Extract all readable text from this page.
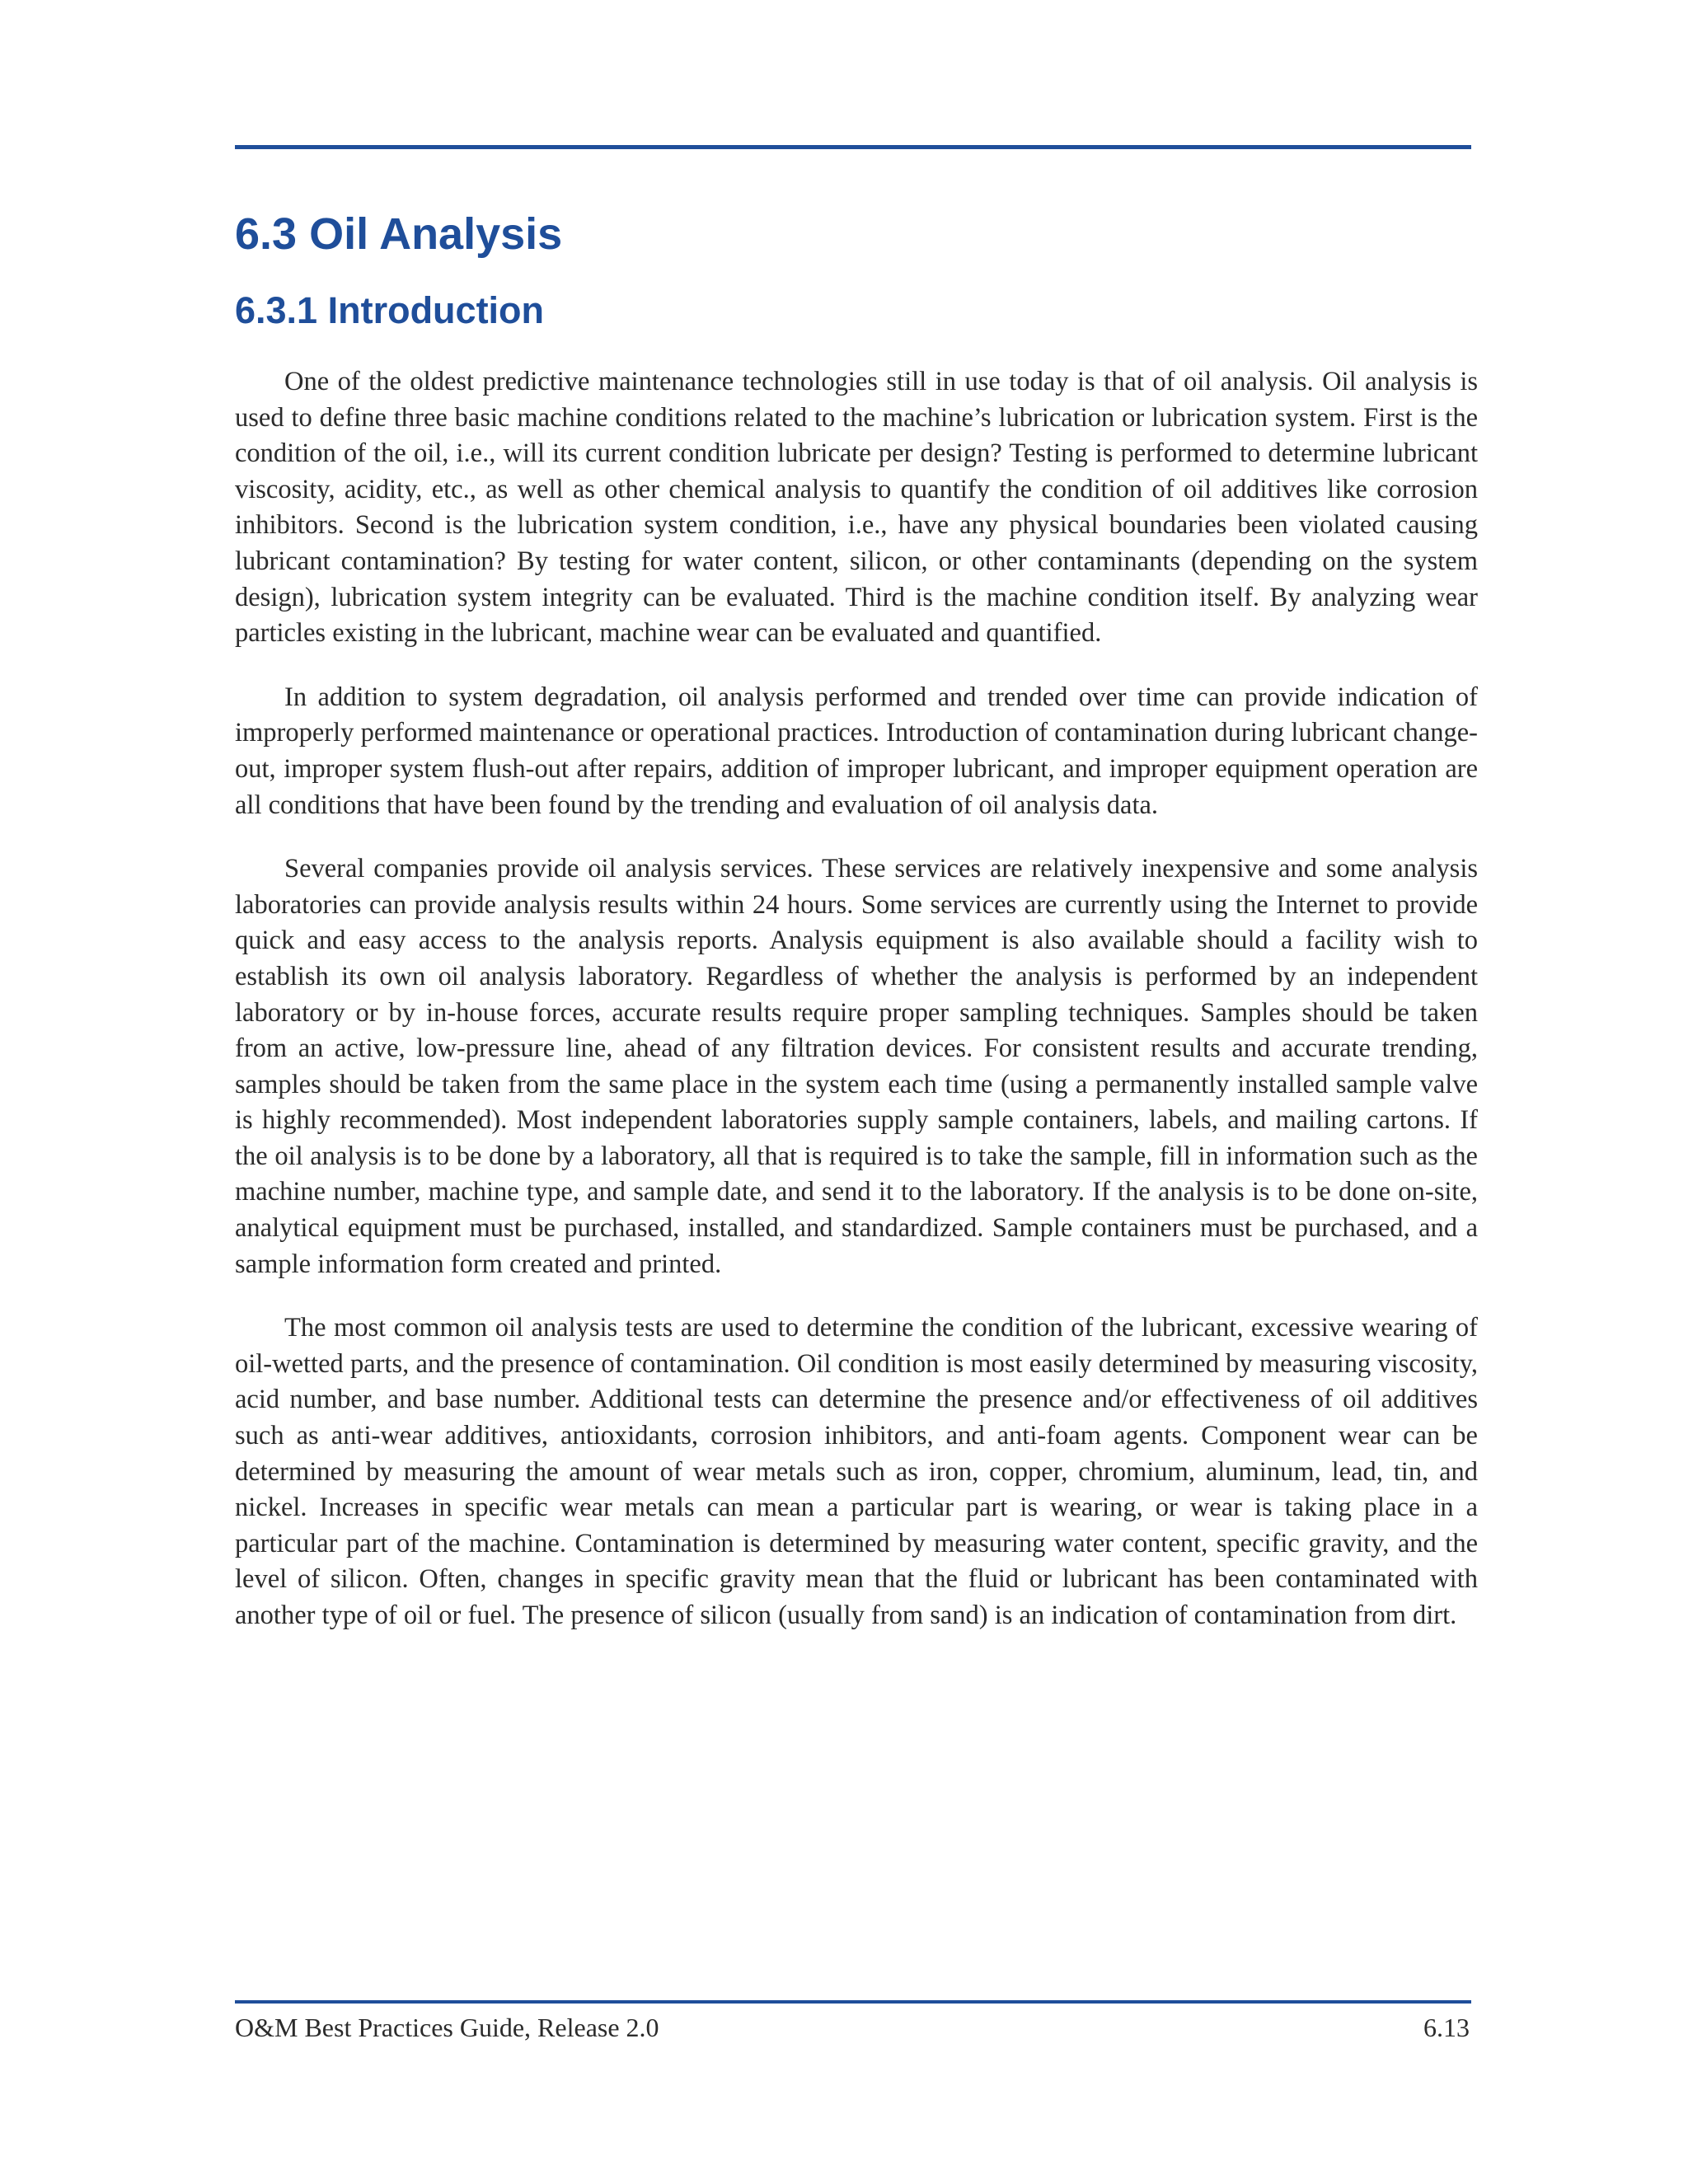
6.3 Oil Analysis
6.3.1 Introduction

One of the oldest predictive maintenance technologies still in use today is that of oil analysis. Oil analysis is used to define three basic machine conditions related to the machine’s lubrication or lubrication system. First is the condition of the oil, i.e., will its current condition lubricate per design? Testing is performed to determine lubricant viscosity, acidity, etc., as well as other chemical analysis to quantify the condition of oil additives like corrosion inhibitors. Second is the lubrication system condition, i.e., have any physical boundaries been violated causing lubricant contamination? By testing for water content, silicon, or other contaminants (depending on the system design), lubrication system integrity can be evaluated. Third is the machine condition itself. By analyzing wear particles existing in the lubricant, machine wear can be evaluated and quantified.

In addition to system degradation, oil analysis performed and trended over time can provide indication of improperly performed maintenance or operational practices. Introduction of contamination during lubricant change-out, improper system flush-out after repairs, addition of improper lubricant, and improper equipment operation are all conditions that have been found by the trending and evaluation of oil analysis data.

Several companies provide oil analysis services. These services are relatively inexpensive and some analysis laboratories can provide analysis results within 24 hours. Some services are currently using the Internet to provide quick and easy access to the analysis reports. Analysis equipment is also available should a facility wish to establish its own oil analysis laboratory. Regardless of whether the analysis is performed by an independent laboratory or by in-house forces, accurate results require proper sampling techniques. Samples should be taken from an active, low-pressure line, ahead of any filtration devices. For consistent results and accurate trending, samples should be taken from the same place in the system each time (using a permanently installed sample valve is highly recommended). Most independent laboratories supply sample containers, labels, and mailing cartons. If the oil analysis is to be done by a laboratory, all that is required is to take the sample, fill in information such as the machine number, machine type, and sample date, and send it to the laboratory. If the analysis is to be done on-site, analytical equipment must be purchased, installed, and standardized. Sample containers must be purchased, and a sample information form created and printed.

The most common oil analysis tests are used to determine the condition of the lubricant, excessive wearing of oil-wetted parts, and the presence of contamination. Oil condition is most easily determined by measuring viscosity, acid number, and base number. Additional tests can determine the presence and/or effectiveness of oil additives such as anti-wear additives, antioxidants, corrosion inhibitors, and anti-foam agents. Component wear can be determined by measuring the amount of wear metals such as iron, copper, chromium, aluminum, lead, tin, and nickel. Increases in specific wear metals can mean a particular part is wearing, or wear is taking place in a particular part of the machine. Contamination is determined by measuring water content, specific gravity, and the level of silicon. Often, changes in specific gravity mean that the fluid or lubricant has been contaminated with another type of oil or fuel. The presence of silicon (usually from sand) is an indication of contamination from dirt.

O&M Best Practices Guide, Release 2.0	6.13
